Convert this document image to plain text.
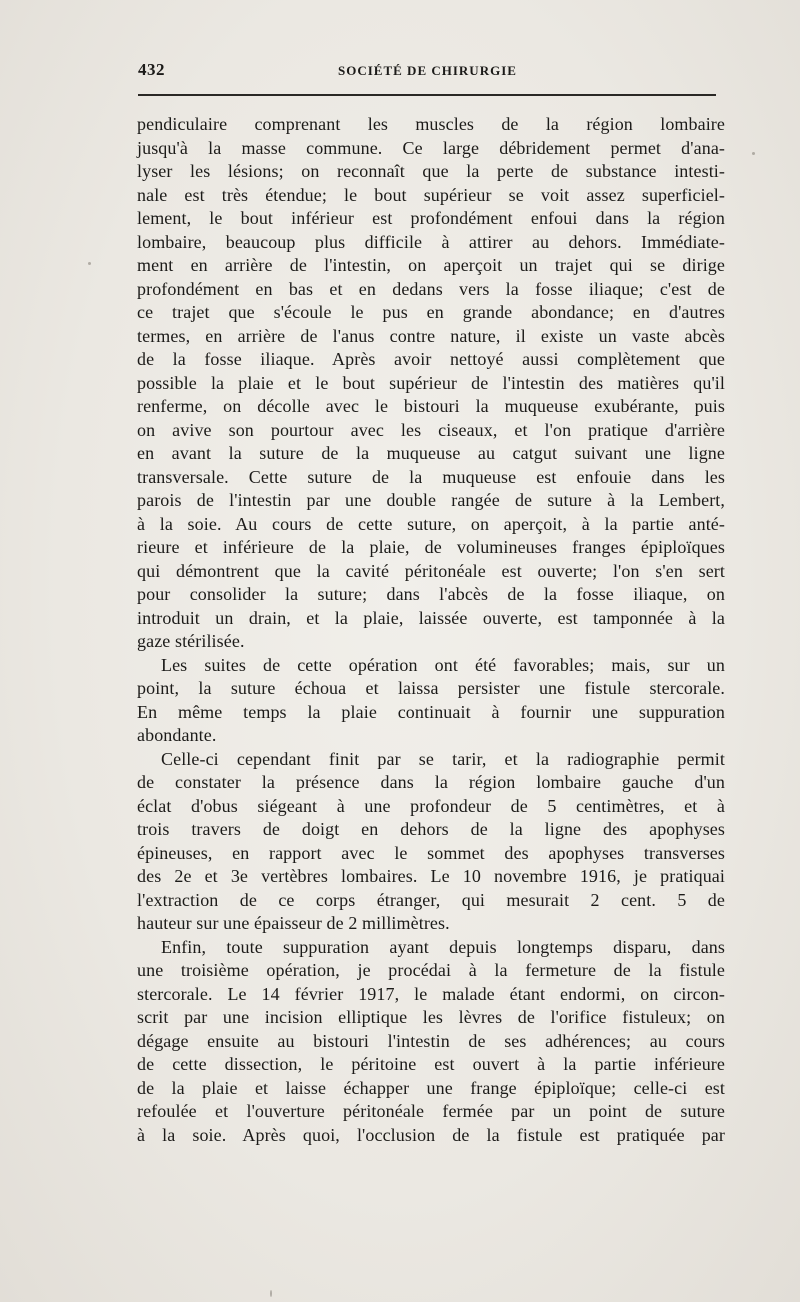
432	SOCIÉTÉ DE CHIRURGIE
pendiculaire comprenant les muscles de la région lombaire
jusqu'à la masse commune. Ce large débridement permet d'ana-
lyser les lésions; on reconnaît que la perte de substance intesti-
nale est très étendue; le bout supérieur se voit assez superficiel-
lement, le bout inférieur est profondément enfoui dans la région
lombaire, beaucoup plus difficile à attirer au dehors. Immédiate-
ment en arrière de l'intestin, on aperçoit un trajet qui se dirige
profondément en bas et en dedans vers la fosse iliaque; c'est de
ce trajet que s'écoule le pus en grande abondance; en d'autres
termes, en arrière de l'anus contre nature, il existe un vaste abcès
de la fosse iliaque. Après avoir nettoyé aussi complètement que
possible la plaie et le bout supérieur de l'intestin des matières qu'il
renferme, on décolle avec le bistouri la muqueuse exubérante, puis
on avive son pourtour avec les ciseaux, et l'on pratique d'arrière
en avant la suture de la muqueuse au catgut suivant une ligne
transversale. Cette suture de la muqueuse est enfouie dans les
parois de l'intestin par une double rangée de suture à la Lembert,
à la soie. Au cours de cette suture, on aperçoit, à la partie anté-
rieure et inférieure de la plaie, de volumineuses franges épiploïques
qui démontrent que la cavité péritonéale est ouverte; l'on s'en sert
pour consolider la suture; dans l'abcès de la fosse iliaque, on
introduit un drain, et la plaie, laissée ouverte, est tamponnée à la
gaze stérilisée.
Les suites de cette opération ont été favorables; mais, sur un
point, la suture échoua et laissa persister une fistule stercorale.
En même temps la plaie continuait à fournir une suppuration
abondante.
Celle-ci cependant finit par se tarir, et la radiographie permit
de constater la présence dans la région lombaire gauche d'un
éclat d'obus siégeant à une profondeur de 5 centimètres, et à
trois travers de doigt en dehors de la ligne des apophyses
épineuses, en rapport avec le sommet des apophyses transverses
des 2e et 3e vertèbres lombaires. Le 10 novembre 1916, je pratiquai
l'extraction de ce corps étranger, qui mesurait 2 cent. 5 de
hauteur sur une épaisseur de 2 millimètres.
Enfin, toute suppuration ayant depuis longtemps disparu, dans
une troisième opération, je procédai à la fermeture de la fistule
stercorale. Le 14 février 1917, le malade étant endormi, on circon-
scrit par une incision elliptique les lèvres de l'orifice fistuleux; on
dégage ensuite au bistouri l'intestin de ses adhérences; au cours
de cette dissection, le péritoine est ouvert à la partie inférieure
de la plaie et laisse échapper une frange épiploïque; celle-ci est
refoulée et l'ouverture péritonéale fermée par un point de suture
à la soie. Après quoi, l'occlusion de la fistule est pratiquée par
